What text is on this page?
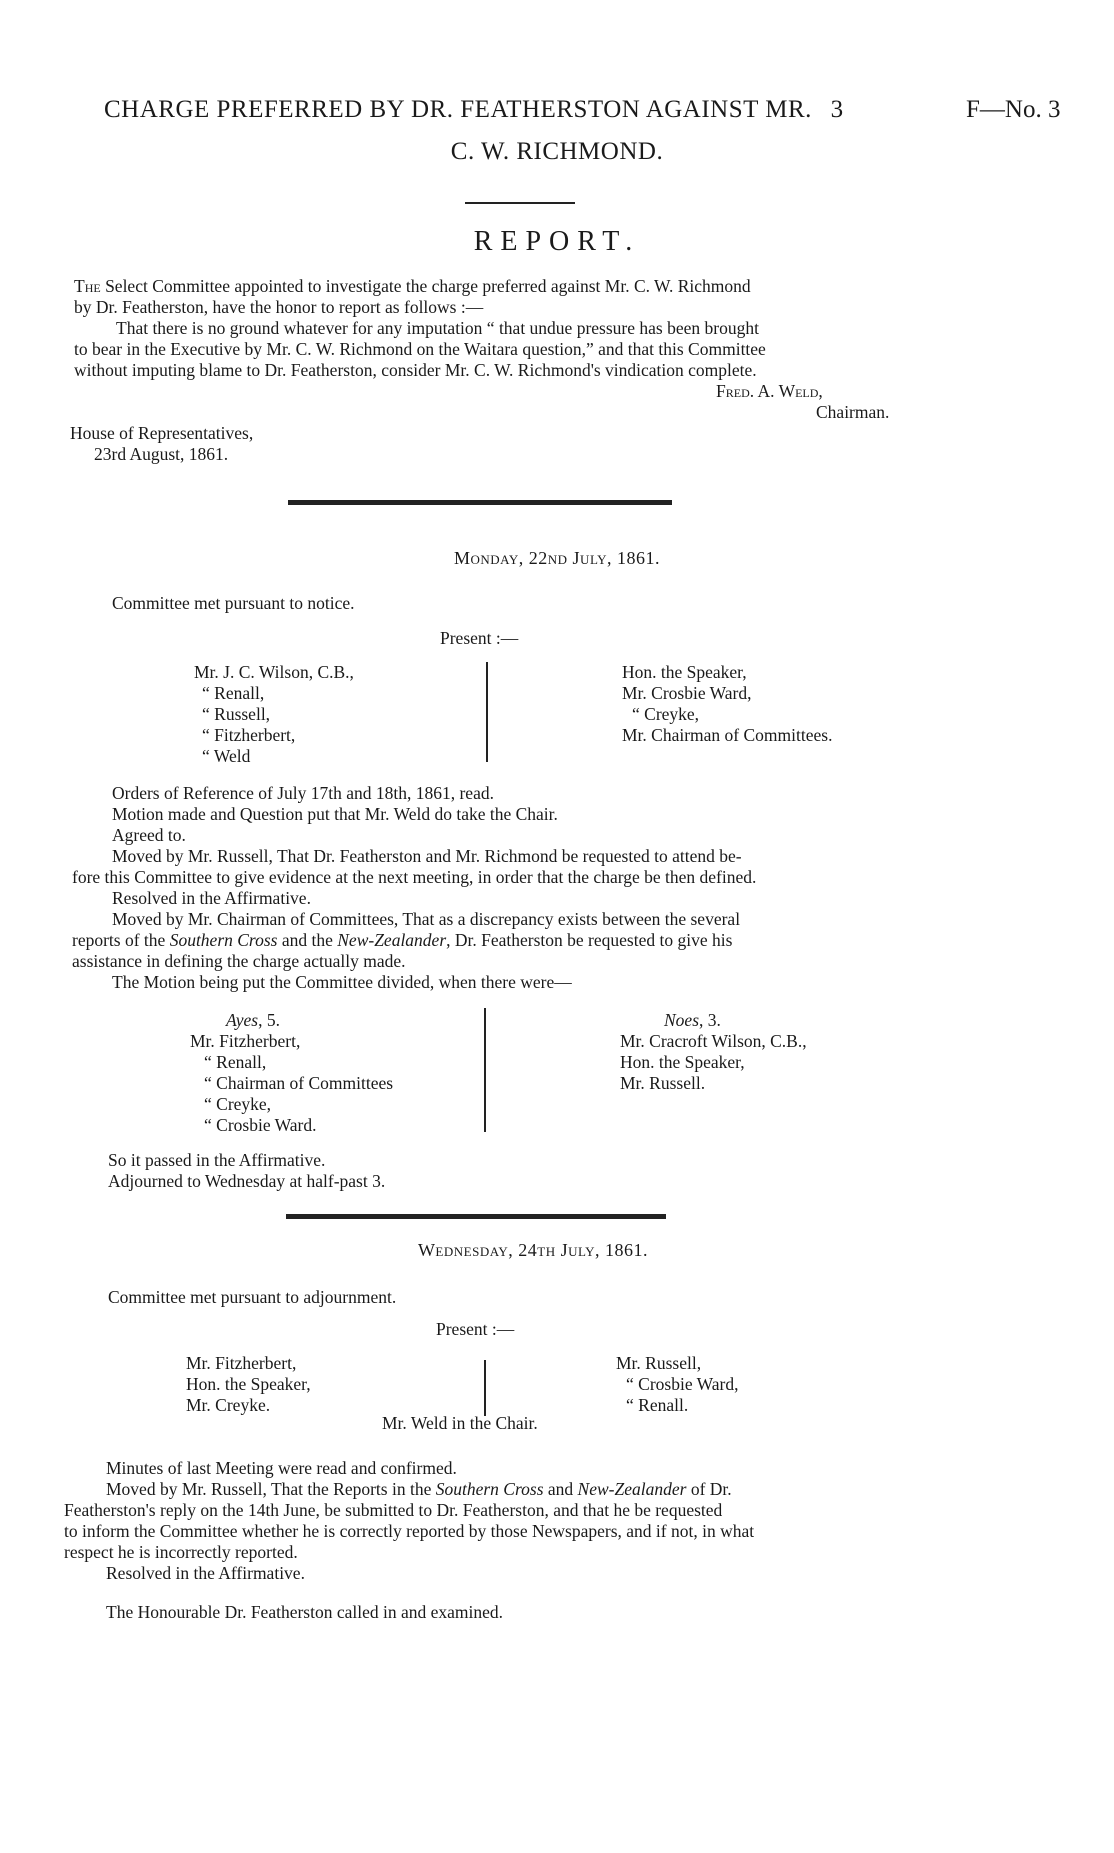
CHARGE PREFERRED BY DR. FEATHERSTON AGAINST MR. 3	F—No. 3
C. W. RICHMOND.
REPORT.
The Select Committee appointed to investigate the charge preferred against Mr. C. W. Richmond
by Dr. Featherston, have the honor to report as follows :—
That there is no ground whatever for any imputation “ that undue pressure has been brought
to bear in the Executive by Mr. C. W. Richmond on the Waitara question,” and that this Committee
without imputing blame to Dr. Featherston, consider Mr. C. W. Richmond's vindication complete.
Fred. A. Weld,
Chairman.
House of Representatives,
23rd August, 1861.
Monday, 22nd July, 1861.
Committee met pursuant to notice.
Present :—
Mr. J. C. Wilson, C.B.,
“ Renall,
“ Russell,
“ Fitzherbert,
“ Weld
Hon. the Speaker,
Mr. Crosbie Ward,
“ Creyke,
Mr. Chairman of Committees.
Orders of Reference of July 17th and 18th, 1861, read.
Motion made and Question put that Mr. Weld do take the Chair.
Agreed to.
Moved by Mr. Russell, That Dr. Featherston and Mr. Richmond be requested to attend be-
fore this Committee to give evidence at the next meeting, in order that the charge be then defined.
Resolved in the Affirmative.
Moved by Mr. Chairman of Committees, That as a discrepancy exists between the several
reports of the Southern Cross and the New-Zealander, Dr. Featherston be requested to give his
assistance in defining the charge actually made.
The Motion being put the Committee divided, when there were—
Ayes, 5.
Mr. Fitzherbert,
“ Renall,
“ Chairman of Committees
“ Creyke,
“ Crosbie Ward.
Noes, 3.
Mr. Cracroft Wilson, C.B.,
Hon. the Speaker,
Mr. Russell.
So it passed in the Affirmative.
Adjourned to Wednesday at half-past 3.
Wednesday, 24th July, 1861.
Committee met pursuant to adjournment.
Present :—
Mr. Fitzherbert,
Hon. the Speaker,
Mr. Creyke.
Mr. Russell,
“ Crosbie Ward,
“ Renall.
Mr. Weld in the Chair.
Minutes of last Meeting were read and confirmed.
Moved by Mr. Russell, That the Reports in the Southern Cross and New-Zealander of Dr.
Featherston's reply on the 14th June, be submitted to Dr. Featherston, and that he be requested
to inform the Committee whether he is correctly reported by those Newspapers, and if not, in what
respect he is incorrectly reported.
Resolved in the Affirmative.
The Honourable Dr. Featherston called in and examined.
